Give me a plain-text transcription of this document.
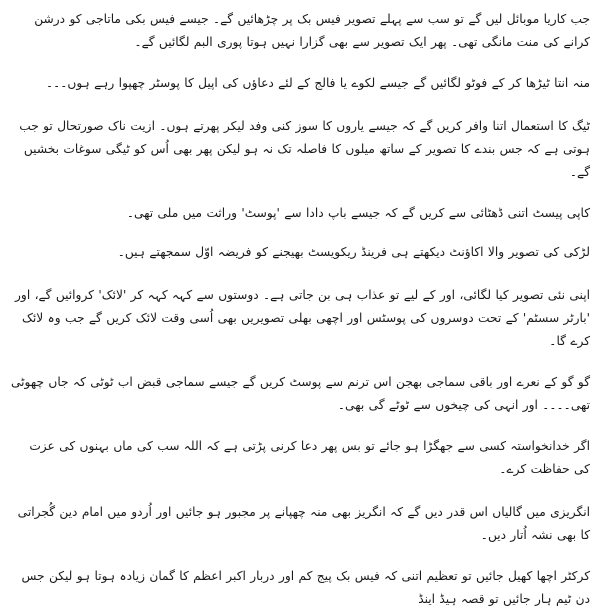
جب کاریا موبائل لیں گے تو سب سے پہلے تصویر فیس بک پر چڑھائیں گے۔ جیسے فیس بکی ماتاجی کو درشن کرانے کی منت مانگی تھی۔ پھر ایک تصویر سے بھی گزارا نہیں ہوتا پوری البم لگائیں گے۔

منہ انتا ٹیڑھا کر کے فوٹو لگائیں گے جیسے لکوے یا فالج کے لئے دعاؤں کی اپیل کا پوسٹر چھپوا رہے ہوں۔۔۔

ٹیگ کا استعمال اتنا وافر کریں گے کہ جیسے یاروں کا سوز کنی وفد لیکر پھرتے ہوں۔ ازیت ناک صورتحال تو جب ہوتی ہے کہ جس بندے کا تصویر کے ساتھ میلوں کا فاصلہ تک نہ ہو لیکن پھر بھی اُس کو ٹیگی سوغات بخشیں گے۔

کاپی پیسٹ اتنی ڈھٹائی سے کریں گے کہ جیسے باپ دادا سے 'پوسٹ' وراثت میں ملی تھی۔

لڑکی کی تصویر والا اکاؤنٹ دیکھتے ہی فرینڈ ریکویسٹ بھیجنے کو فریضہ اوّل سمجھتے ہیں۔

اپنی نئی تصویر کیا لگائی، اور کے لیے تو عذاب ہی بن جاتی ہے۔ دوستوں سے کہہ کہہ کر 'لائک' کروائیں گے، اور 'بارٹر سسٹم' کے تحت دوسروں کی پوسٹس اور اچھی بھلی تصویریں بھی اُسی وقت لائک کریں گے جب وہ لائک کرے گا۔

گو گو کے نعرے اور باقی سماجی بھجن اس ترنم سے پوسٹ کریں گے جیسے سماجی قبض اب ٹوٹی کہ جاں چھوٹی تھی۔۔۔۔ اور انہی کی چیخوں سے ٹوٹے گی بھی۔

اگر خدانخواستہ کسی سے جھگڑا ہو جائے تو بس پھر دعا کرنی پڑتی ہے کہ اللہ سب کی ماں بہنوں کی عزت کی حفاظت کرے۔

انگریزی میں گالیاں اس قدر دیں گے کہ انگریز بھی منہ چھپانے پر مجبور ہو جائیں اور اُردو میں امام دین گُجراتی کا بھی نشہ اُتار دیں۔

کرکٹر اچھا کھیل جائیں تو تعظیم اتنی کہ فیس بک پیج کم اور دربار اکبر اعظم کا گمان زیادہ ہوتا ہو لیکن جس دن ٹیم ہار جائیں تو قصہ ہیڈ اینڈ
